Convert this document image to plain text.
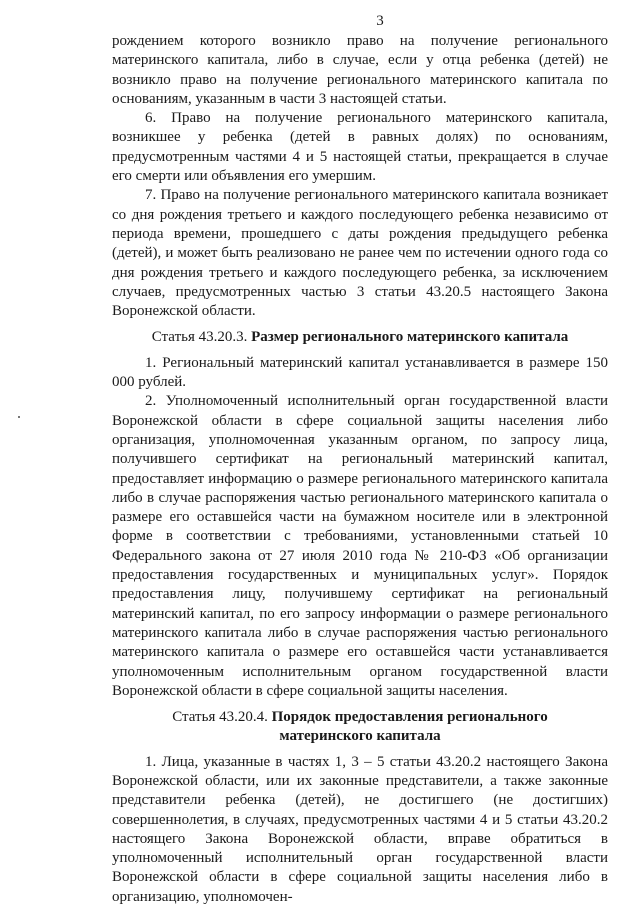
3

рождением которого возникло право на получение регионального материнского капитала, либо в случае, если у отца ребенка (детей) не возникло право на получение регионального материнского капитала по основаниям, указанным в части 3 настоящей статьи.

6. Право на получение регионального материнского капитала, возникшее у ребенка (детей в равных долях) по основаниям, предусмотренным частями 4 и 5 настоящей статьи, прекращается в случае его смерти или объявления его умершим.

7. Право на получение регионального материнского капитала возникает со дня рождения третьего и каждого последующего ребенка независимо от периода времени, прошедшего с даты рождения предыдущего ребенка (детей), и может быть реализовано не ранее чем по истечении одного года со дня рождения третьего и каждого последующего ребенка, за исключением случаев, предусмотренных частью 3 статьи 43.20.5 настоящего Закона Воронежской области.

Статья 43.20.3. Размер регионального материнского капитала

1. Региональный материнский капитал устанавливается в размере 150 000 рублей.

2. Уполномоченный исполнительный орган государственной власти Воронежской области в сфере социальной защиты населения либо организация, уполномоченная указанным органом, по запросу лица, получившего сертификат на региональный материнский капитал, предоставляет информацию о размере регионального материнского капитала либо в случае распоряжения частью регионального материнского капитала о размере его оставшейся части на бумажном носителе или в электронной форме в соответствии с требованиями, установленными статьей 10 Федерального закона от 27 июля 2010 года № 210-ФЗ «Об организации предоставления государственных и муниципальных услуг». Порядок предоставления лицу, получившему сертификат на региональный материнский капитал, по его запросу информации о размере регионального материнского капитала либо в случае распоряжения частью регионального материнского капитала о размере его оставшейся части устанавливается уполномоченным исполнительным органом государственной власти Воронежской области в сфере социальной защиты населения.

Статья 43.20.4. Порядок предоставления регионального
материнского капитала

1. Лица, указанные в частях 1, 3 – 5 статьи 43.20.2 настоящего Закона Воронежской области, или их законные представители, а также законные представители ребенка (детей), не достигшего (не достигших) совершеннолетия, в случаях, предусмотренных частями 4 и 5 статьи 43.20.2 настоящего Закона Воронежской области, вправе обратиться в уполномоченный исполнительный орган государственной власти Воронежской области в сфере социальной защиты населения либо в организацию, уполномочен-
